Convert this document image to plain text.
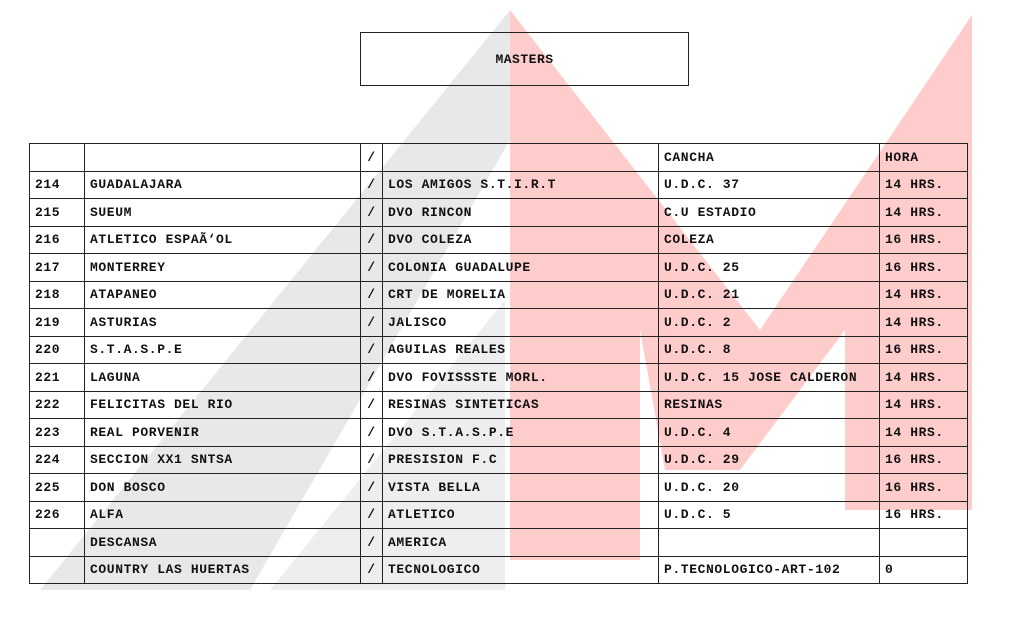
MASTERS
		/		CANCHA	HORA
214	GUADALAJARA	/	LOS AMIGOS S.T.I.R.T	U.D.C. 37	14 HRS.
215	SUEUM	/	DVO RINCON	C.U ESTADIO	14 HRS.
216	ATLETICO ESPAÃ‘OL	/	DVO COLEZA	COLEZA	16 HRS.
217	MONTERREY	/	COLONIA GUADALUPE	U.D.C. 25	16 HRS.
218	ATAPANEO	/	CRT DE MORELIA	U.D.C. 21	14 HRS.
219	ASTURIAS	/	JALISCO	U.D.C. 2	14 HRS.
220	S.T.A.S.P.E	/	AGUILAS REALES	U.D.C. 8	16 HRS.
221	LAGUNA	/	DVO FOVISSSTE MORL.	U.D.C. 15 JOSE CALDERON	14 HRS.
222	FELICITAS DEL RIO	/	RESINAS SINTETICAS	RESINAS	14 HRS.
223	REAL PORVENIR	/	DVO S.T.A.S.P.E	U.D.C. 4	14 HRS.
224	SECCION XX1 SNTSA	/	PRESISION F.C	U.D.C. 29	16 HRS.
225	DON BOSCO	/	VISTA BELLA	U.D.C. 20	16 HRS.
226	ALFA	/	ATLETICO	U.D.C. 5	16 HRS.
	DESCANSA	/	AMERICA		
	COUNTRY LAS HUERTAS	/	TECNOLOGICO	P.TECNOLOGICO-ART-102	0
